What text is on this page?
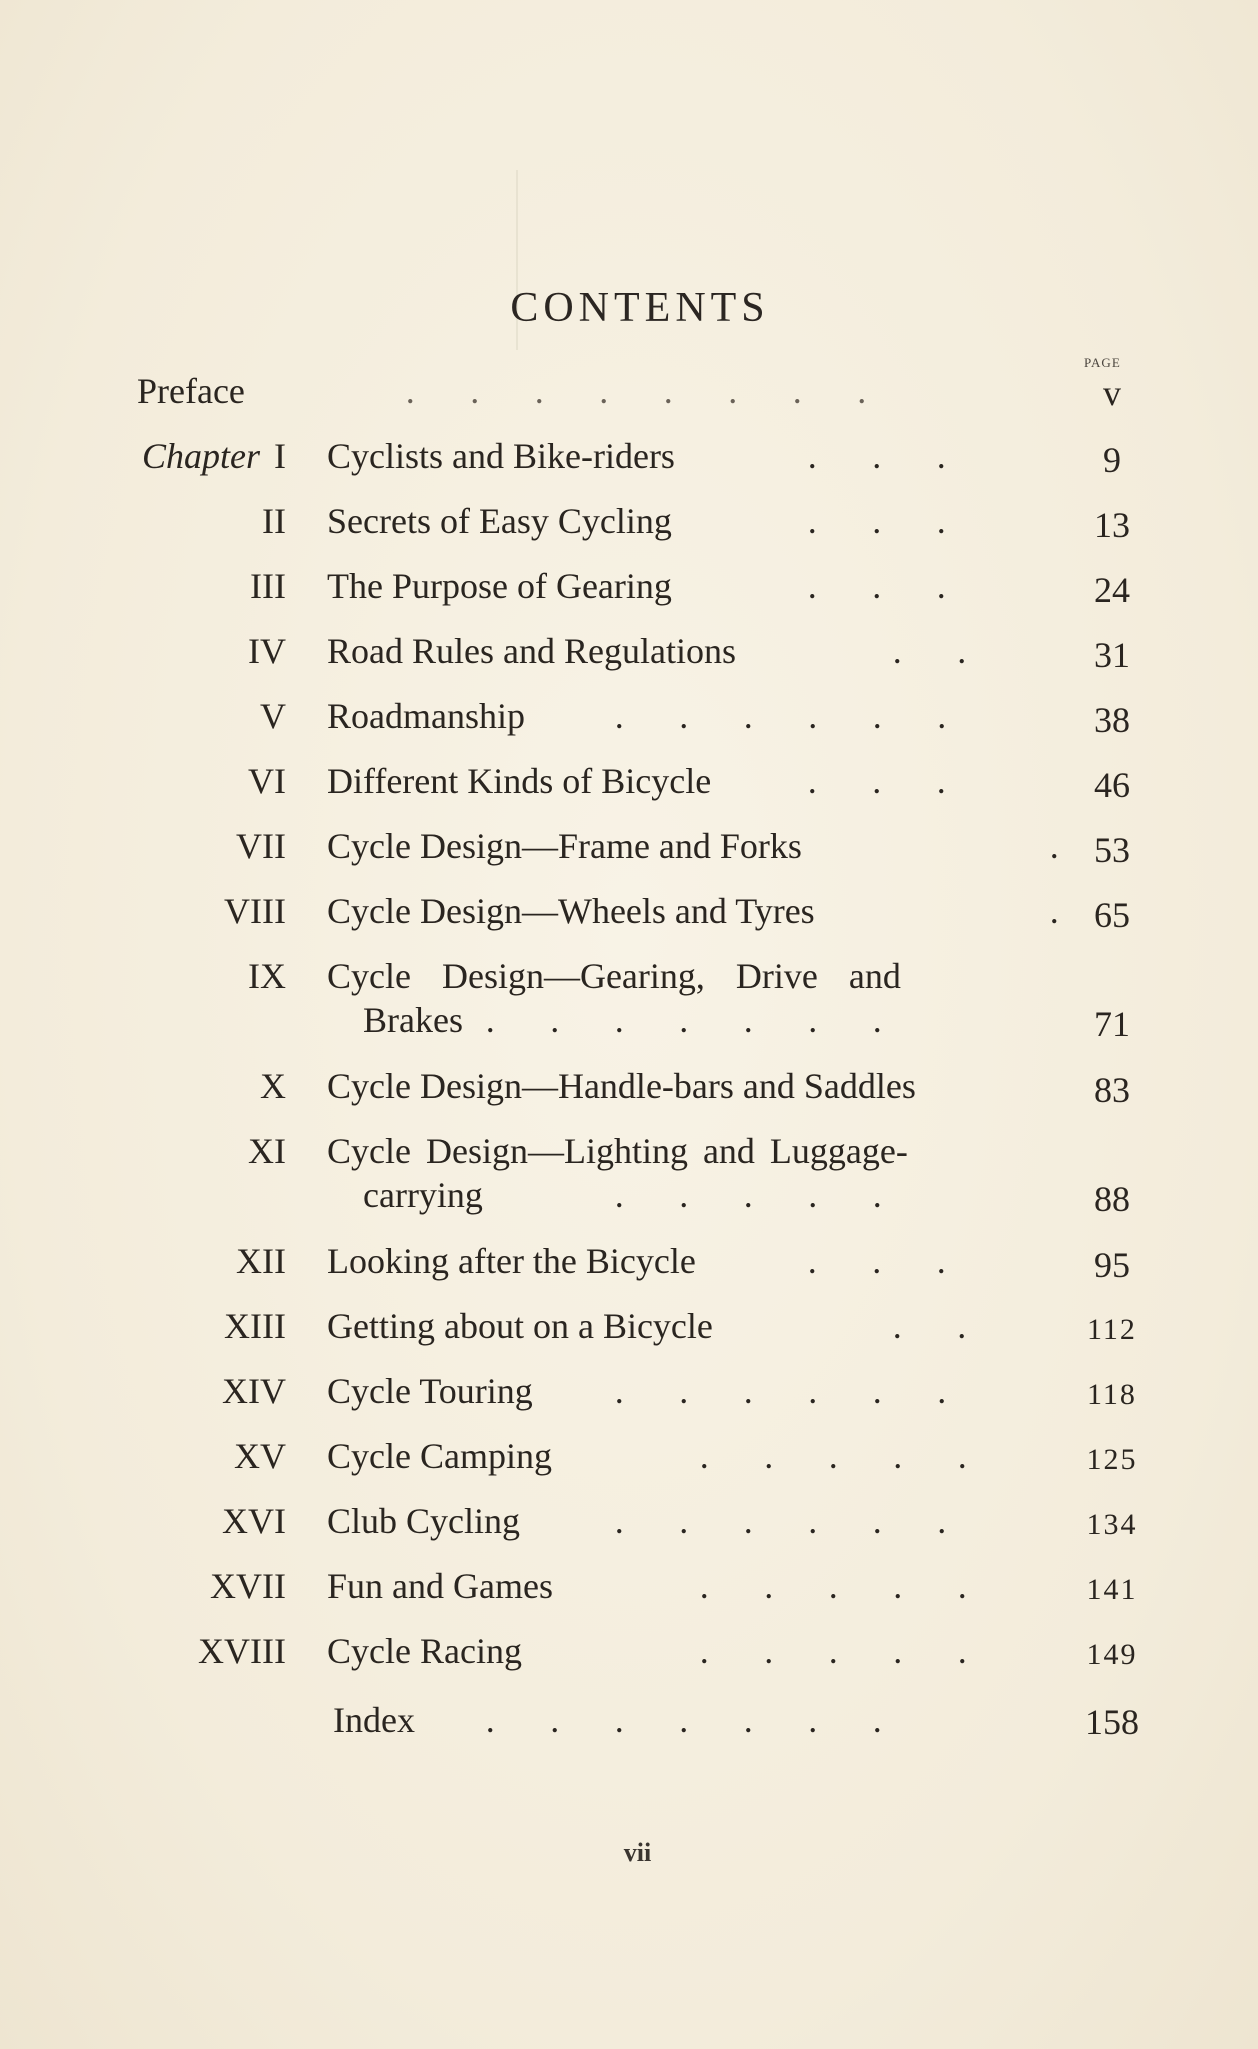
CONTENTS
PAGE
Preface	. . . . . . . .	v
Chapter I Cyclists and Bike-riders	. . .	9
II Secrets of Easy Cycling	. . .	13
III The Purpose of Gearing	. . .	24
IV Road Rules and Regulations	. .	31
V Roadmanship	. . . . . .	38
VI Different Kinds of Bicycle	. . .	46
VII Cycle Design—Frame and Forks	. 53
VIII Cycle Design—Wheels and Tyres	. 65
IX Cycle Design—Gearing, Drive and
Brakes . . . . . . .	71
X Cycle Design—Handle-bars and Saddles	83
XI Cycle Design—Lighting and Luggage-
carrying	. . . . .	88
XII Looking after the Bicycle	. . .	95
XIII Getting about on a Bicycle	. .	112
XIV Cycle Touring	. . . . . .	118
XV Cycle Camping	. . . . .	125
XVI Club Cycling	. . . . . .	134
XVII Fun and Games	. . . . .	141
XVIII Cycle Racing	. . . . .	149
Index	. . . . . . .	158
vii
